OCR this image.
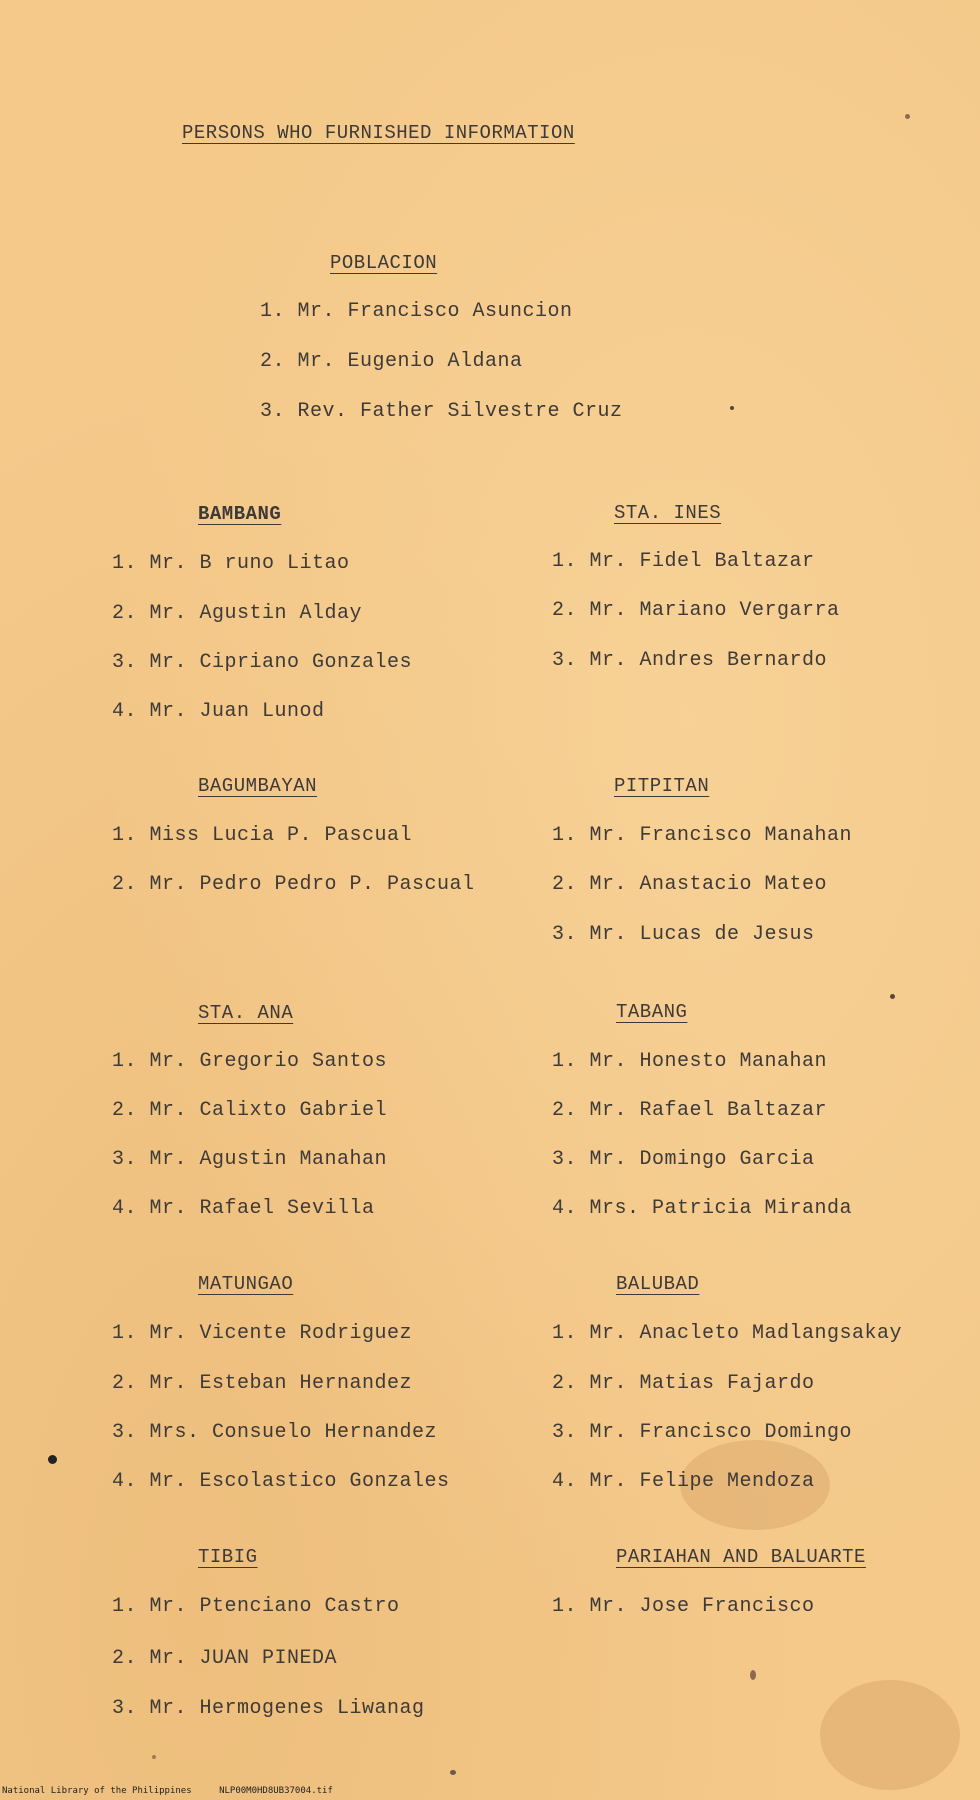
PERSONS WHO FURNISHED INFORMATION
POBLACION
1. Mr. Francisco Asuncion
2. Mr. Eugenio Aldana
3. Rev. Father Silvestre Cruz
BAMBANG
1. Mr. B runo Litao
2. Mr. Agustin Alday
3. Mr. Cipriano Gonzales
4. Mr. Juan Lunod
BAGUMBAYAN
1. Miss Lucia P. Pascual
2. Mr. Pedro Pedro P. Pascual
STA. ANA
1. Mr. Gregorio Santos
2. Mr. Calixto Gabriel
3. Mr. Agustin Manahan
4. Mr. Rafael Sevilla
MATUNGAO
1. Mr. Vicente Rodriguez
2. Mr. Esteban Hernandez
3. Mrs. Consuelo Hernandez
4. Mr. Escolastico Gonzales
TIBIG
1. Mr. Ptenciano Castro
2. Mr. JUAN PINEDA
3. Mr. Hermogenes Liwanag
STA. INES
1. Mr. Fidel Baltazar
2. Mr. Mariano Vergarra
3. Mr. Andres Bernardo
PITPITAN
1. Mr. Francisco Manahan
2. Mr. Anastacio Mateo
3. Mr. Lucas de Jesus
TABANG
1. Mr. Honesto Manahan
2. Mr. Rafael Baltazar
3. Mr. Domingo Garcia
4. Mrs. Patricia Miranda
BALUBAD
1. Mr. Anacleto Madlangsakay
2. Mr. Matias Fajardo
3. Mr. Francisco Domingo
4. Mr. Felipe Mendoza
PARIAHAN AND BALUARTE
1. Mr. Jose Francisco
National Library of the Philippines	NLP00M0HD8UB37004.tif
